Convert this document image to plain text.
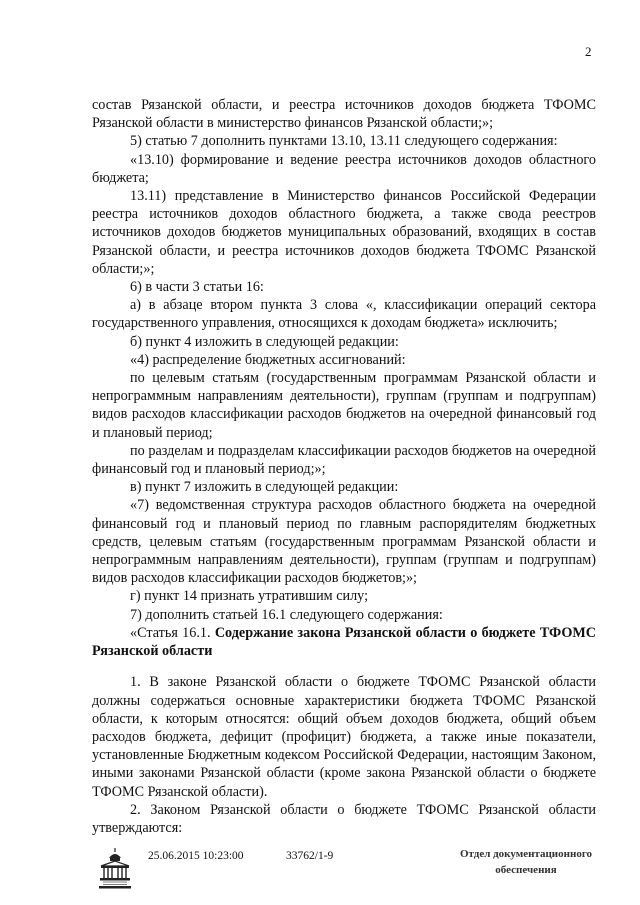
2

состав Рязанской области, и реестра источников доходов бюджета ТФОМС Рязанской области в министерство финансов Рязанской области;»;

5) статью 7 дополнить пунктами 13.10, 13.11 следующего содержания:

«13.10) формирование и ведение реестра источников доходов областного бюджета;

13.11) представление в Министерство финансов Российской Федерации реестра источников доходов областного бюджета, а также свода реестров источников доходов бюджетов муниципальных образований, входящих в состав Рязанской области, и реестра источников доходов бюджета ТФОМС Рязанской области;»;

6) в части 3 статьи 16:

а) в абзаце втором пункта 3 слова «, классификации операций сектора государственного управления, относящихся к доходам бюджета» исключить;

б) пункт 4 изложить в следующей редакции:

«4) распределение бюджетных ассигнований:

по целевым статьям (государственным программам Рязанской области и непрограммным направлениям деятельности), группам (группам и подгруппам) видов расходов классификации расходов бюджетов на очередной финансовый год и плановый период;

по разделам и подразделам классификации расходов бюджетов на очередной финансовый год и плановый период;»;

в) пункт 7 изложить в следующей редакции:

«7) ведомственная структура расходов областного бюджета на очередной финансовый год и плановый период по главным распорядителям бюджетных средств, целевым статьям (государственным программам Рязанской области и непрограммным направлениям деятельности), группам (группам и подгруппам) видов расходов классификации расходов бюджетов;»;

г) пункт 14 признать утратившим силу;

7) дополнить статьей 16.1 следующего содержания:

«Статья 16.1. Содержание закона Рязанской области о бюджете ТФОМС Рязанской области

1. В законе Рязанской области о бюджете ТФОМС Рязанской области должны содержаться основные характеристики бюджета ТФОМС Рязанской области, к которым относятся: общий объем доходов бюджета, общий объем расходов бюджета, дефицит (профицит) бюджета, а также иные показатели, установленные Бюджетным кодексом Российской Федерации, настоящим Законом, иными законами Рязанской области (кроме закона Рязанской области о бюджете ТФОМС Рязанской области).

2. Законом Рязанской области о бюджете ТФОМС Рязанской области утверждаются:

25.06.2015 10:23:00	33762/1-9	Отдел документационного
обеспечения
